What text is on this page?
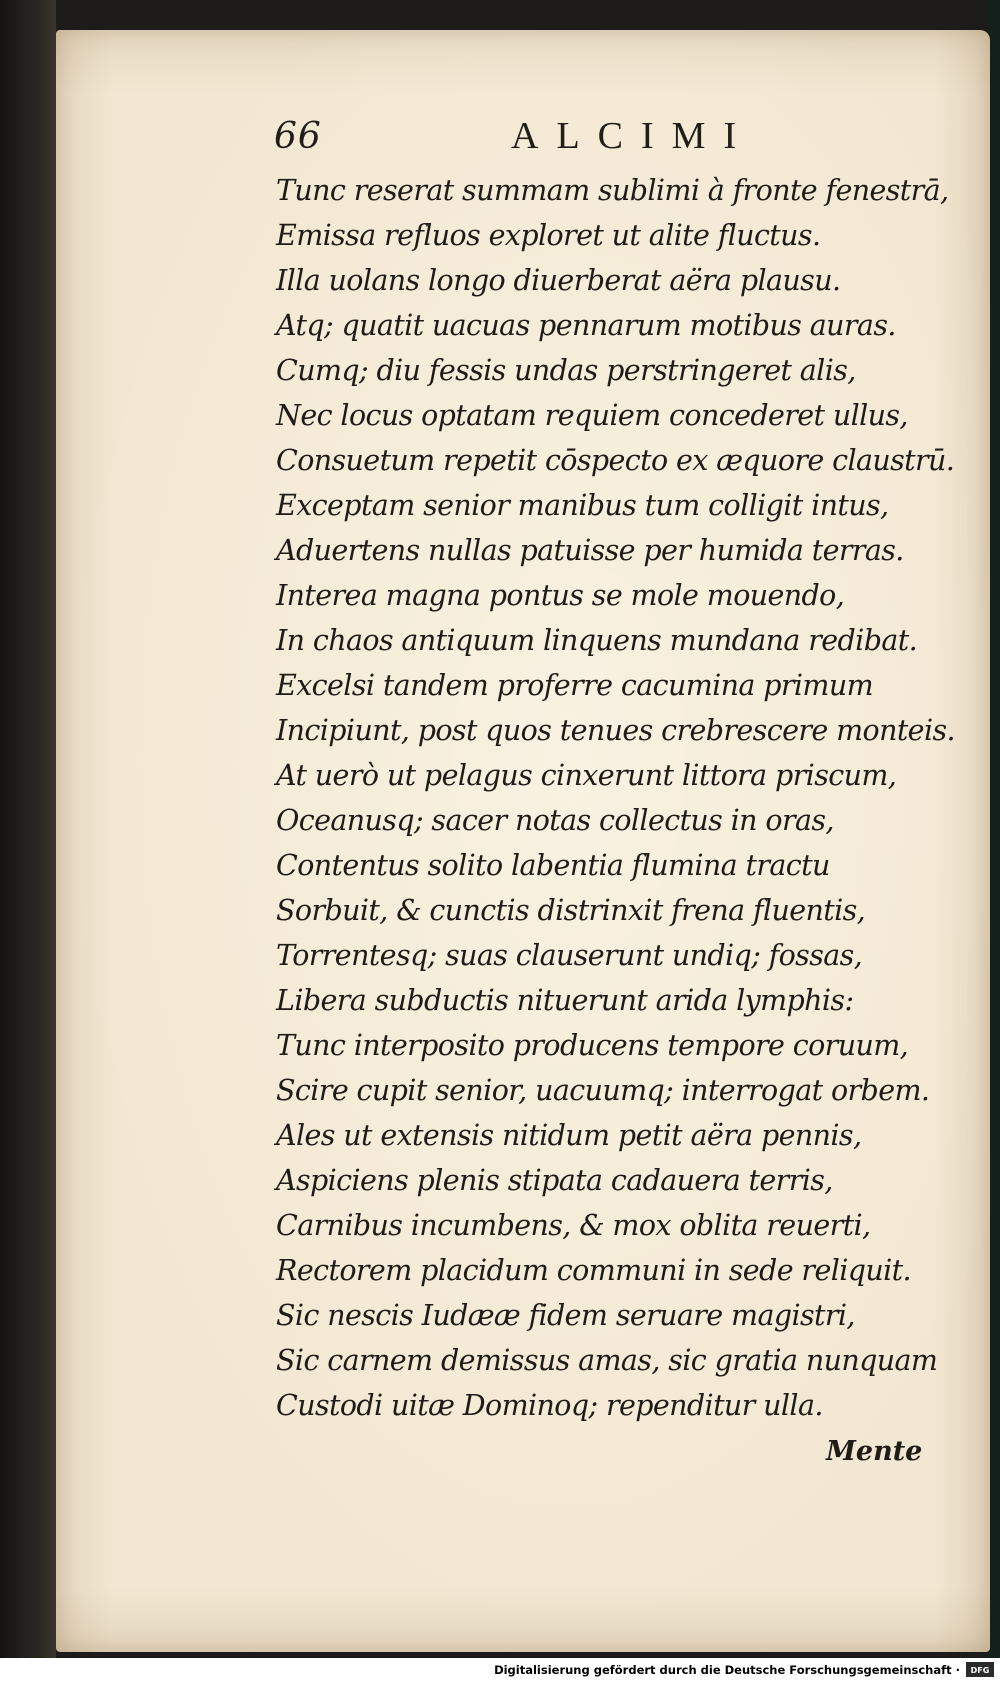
66	ALCIMI
Tunc reserat summam sublimi à fronte fenestrā,
Emissa refluos exploret ut alite fluctus.
Illa uolans longo diuerberat aëra plausu.
Atq; quatit uacuas pennarum motibus auras.
Cumq; diu fessis undas perstringeret alis,
Nec locus optatam requiem concederet ullus,
Consuetum repetit cōspecto ex æquore claustrū.
Exceptam senior manibus tum colligit intus,
Aduertens nullas patuisse per humida terras.
Interea magna pontus se mole mouendo,
In chaos antiquum linquens mundana redibat.
Excelsi tandem proferre cacumina primum
Incipiunt, post quos tenues crebrescere monteis.
At uerò ut pelagus cinxerunt littora priscum,
Oceanusq; sacer notas collectus in oras,
Contentus solito labentia flumina tractu
Sorbuit, & cunctis distrinxit frena fluentis,
Torrentesq; suas clauserunt undiq; fossas,
Libera subductis nituerunt arida lymphis:
Tunc interposito producens tempore coruum,
Scire cupit senior, uacuumq; interrogat orbem.
Ales ut extensis nitidum petit aëra pennis,
Aspiciens plenis stipata cadauera terris,
Carnibus incumbens, & mox oblita reuerti,
Rectorem placidum communi in sede reliquit.
Sic nescis Iudææ fidem seruare magistri,
Sic carnem demissus amas, sic gratia nunquam
Custodi uitæ Dominoq; rependitur ulla.
Mente
Digitalisierung gefördert durch die Deutsche Forschungsgemeinschaft · DFG
